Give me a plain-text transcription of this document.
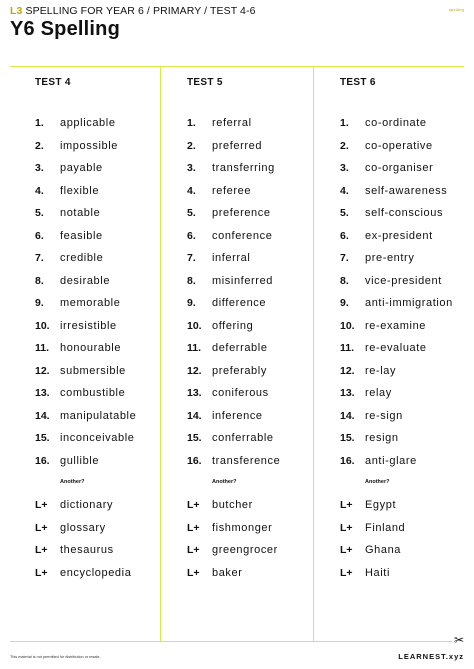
L3 SPELLING FOR YEAR 6 / PRIMARY / TEST 4-6	spelling
Y6 Spelling
TEST 4
1.	applicable
2.	impossible
3.	payable
4.	flexible
5.	notable
6.	feasible
7.	credible
8.	desirable
9.	memorable
10. irresistible
11. honourable
12. submersible
13. combustible
14. manipulatable
15. inconceivable
16. gullible
Another?
L+	dictionary
L+	glossary
L+	thesaurus
L+	encyclopedia
TEST 5
1.	referral
2.	preferred
3.	transferring
4.	referee
5.	preference
6.	conference
7.	inferral
8.	misinferred
9.	difference
10. offering
11. deferrable
12. preferably
13. coniferous
14. inference
15. conferrable
16. transference
Another?
L+	butcher
L+	fishmonger
L+	greengrocer
L+	baker
TEST 6
1.	co-ordinate
2.	co-operative
3.	co-organiser
4.	self-awareness
5.	self-conscious
6.	ex-president
7.	pre-entry
8.	vice-president
9.	anti-immigration
10. re-examine
11. re-evaluate
12. re-lay
13. relay
14. re-sign
15. resign
16. anti-glare
Another?
L+	Egypt
L+	Finland
L+	Ghana
L+	Haiti
✂
This material is not permitted for distribution or resale.	LEARNEST.xyz
